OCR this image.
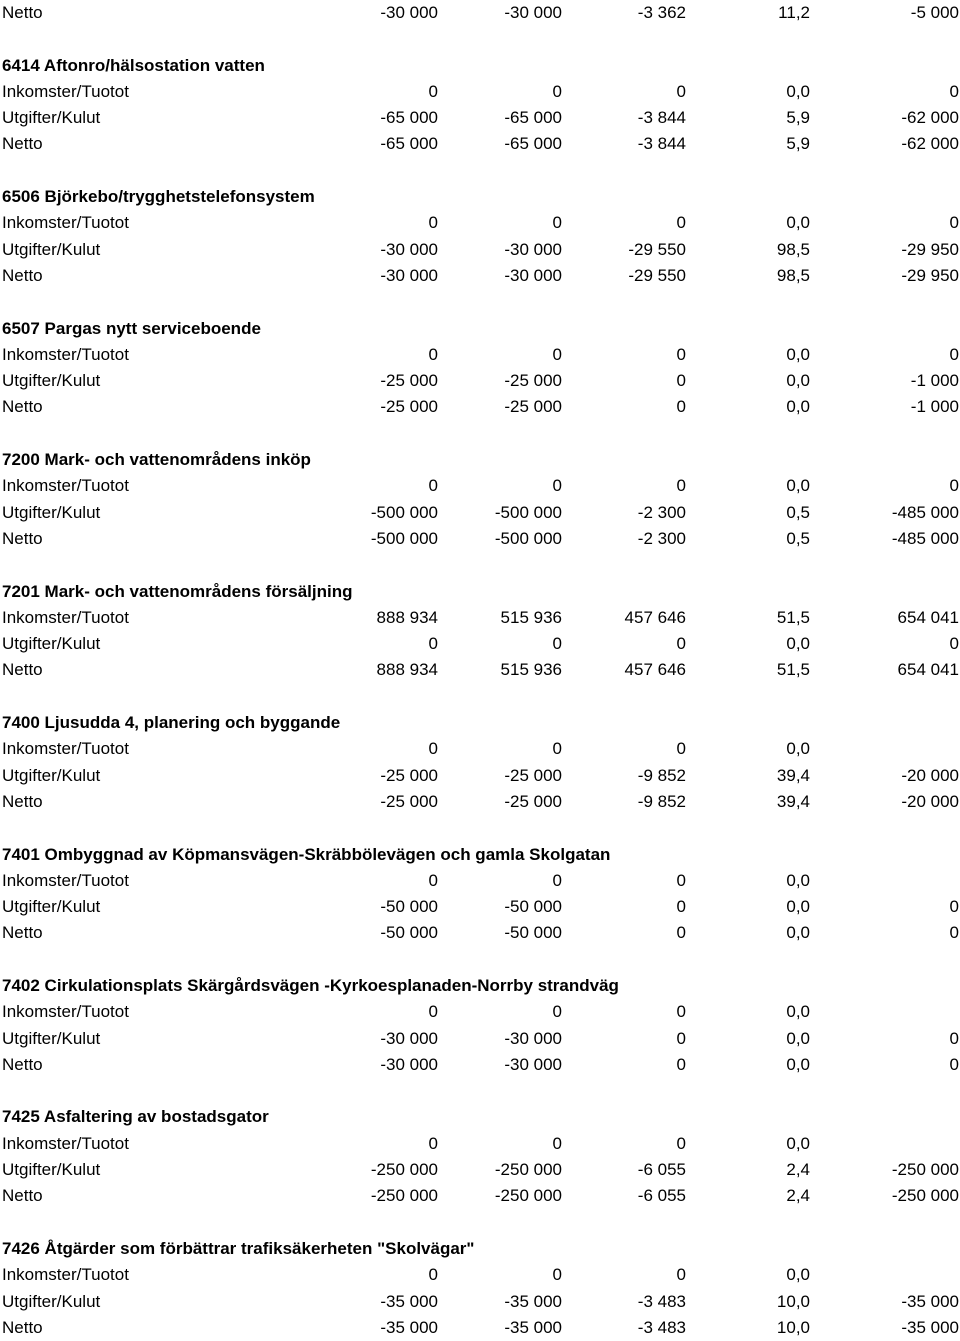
Netto	-30 000	-30 000	-3 362	11,2	-5 000
6414 Aftonro/hälsostation vatten
Inkomster/Tuotot	0	0	0	0,0	0
Utgifter/Kulut	-65 000	-65 000	-3 844	5,9	-62 000
Netto	-65 000	-65 000	-3 844	5,9	-62 000
6506 Björkebo/trygghetstelefonsystem
Inkomster/Tuotot	0	0	0	0,0	0
Utgifter/Kulut	-30 000	-30 000	-29 550	98,5	-29 950
Netto	-30 000	-30 000	-29 550	98,5	-29 950
6507 Pargas nytt serviceboende
Inkomster/Tuotot	0	0	0	0,0	0
Utgifter/Kulut	-25 000	-25 000	0	0,0	-1 000
Netto	-25 000	-25 000	0	0,0	-1 000
7200 Mark- och vattenområdens inköp
Inkomster/Tuotot	0	0	0	0,0	0
Utgifter/Kulut	-500 000	-500 000	-2 300	0,5	-485 000
Netto	-500 000	-500 000	-2 300	0,5	-485 000
7201 Mark- och vattenområdens försäljning
Inkomster/Tuotot	888 934	515 936	457 646	51,5	654 041
Utgifter/Kulut	0	0	0	0,0	0
Netto	888 934	515 936	457 646	51,5	654 041
7400 Ljusudda 4, planering och byggande
Inkomster/Tuotot	0	0	0	0,0
Utgifter/Kulut	-25 000	-25 000	-9 852	39,4	-20 000
Netto	-25 000	-25 000	-9 852	39,4	-20 000
7401 Ombyggnad av Köpmansvägen-Skräbbölevägen och gamla Skolgatan
Inkomster/Tuotot	0	0	0	0,0
Utgifter/Kulut	-50 000	-50 000	0	0,0	0
Netto	-50 000	-50 000	0	0,0	0
7402 Cirkulationsplats Skärgårdsvägen -Kyrkoesplanaden-Norrby strandväg
Inkomster/Tuotot	0	0	0	0,0
Utgifter/Kulut	-30 000	-30 000	0	0,0	0
Netto	-30 000	-30 000	0	0,0	0
7425 Asfaltering av bostadsgator
Inkomster/Tuotot	0	0	0	0,0
Utgifter/Kulut	-250 000	-250 000	-6 055	2,4	-250 000
Netto	-250 000	-250 000	-6 055	2,4	-250 000
7426 Åtgärder som förbättrar trafiksäkerheten "Skolvägar"
Inkomster/Tuotot	0	0	0	0,0
Utgifter/Kulut	-35 000	-35 000	-3 483	10,0	-35 000
Netto	-35 000	-35 000	-3 483	10,0	-35 000
